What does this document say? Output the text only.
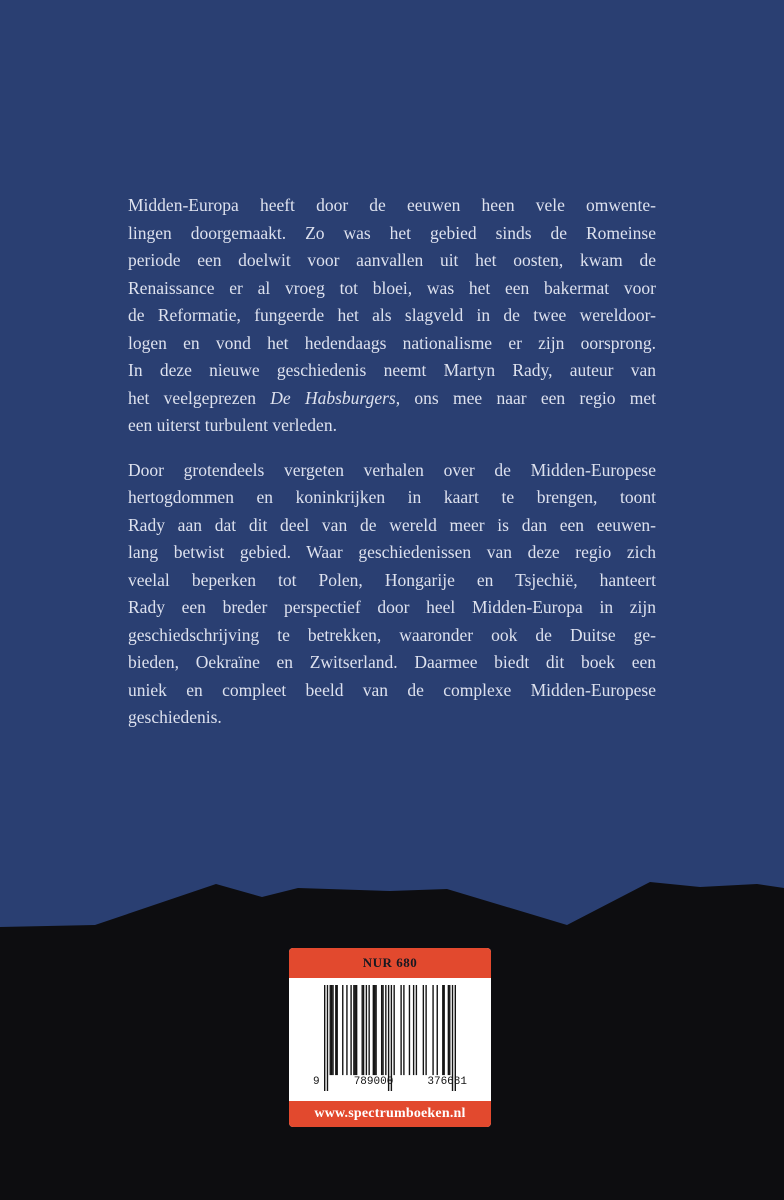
Midden-Europa heeft door de eeuwen heen vele omwente-
lingen doorgemaakt. Zo was het gebied sinds de Romeinse
periode een doelwit voor aanvallen uit het oosten, kwam de
Renaissance er al vroeg tot bloei, was het een bakermat voor
de Reformatie, fungeerde het als slagveld in de twee wereldoor-
logen en vond het hedendaags nationalisme er zijn oorsprong.
In deze nieuwe geschiedenis neemt Martyn Rady, auteur van
het veelgeprezen De Habsburgers, ons mee naar een regio met
een uiterst turbulent verleden.
Door grotendeels vergeten verhalen over de Midden-Europese
hertogdommen en koninkrijken in kaart te brengen, toont
Rady aan dat dit deel van de wereld meer is dan een eeuwen-
lang betwist gebied. Waar geschiedenissen van deze regio zich
veelal beperken tot Polen, Hongarije en Tsjechië, hanteert
Rady een breder perspectief door heel Midden-Europa in zijn
geschiedschrijving te betrekken, waaronder ook de Duitse ge-
bieden, Oekraïne en Zwitserland. Daarmee biedt dit boek een
uniek en compleet beeld van de complexe Midden-Europese
geschiedenis.
NUR 680
9	789000	376681
www.spectrumboeken.nl
